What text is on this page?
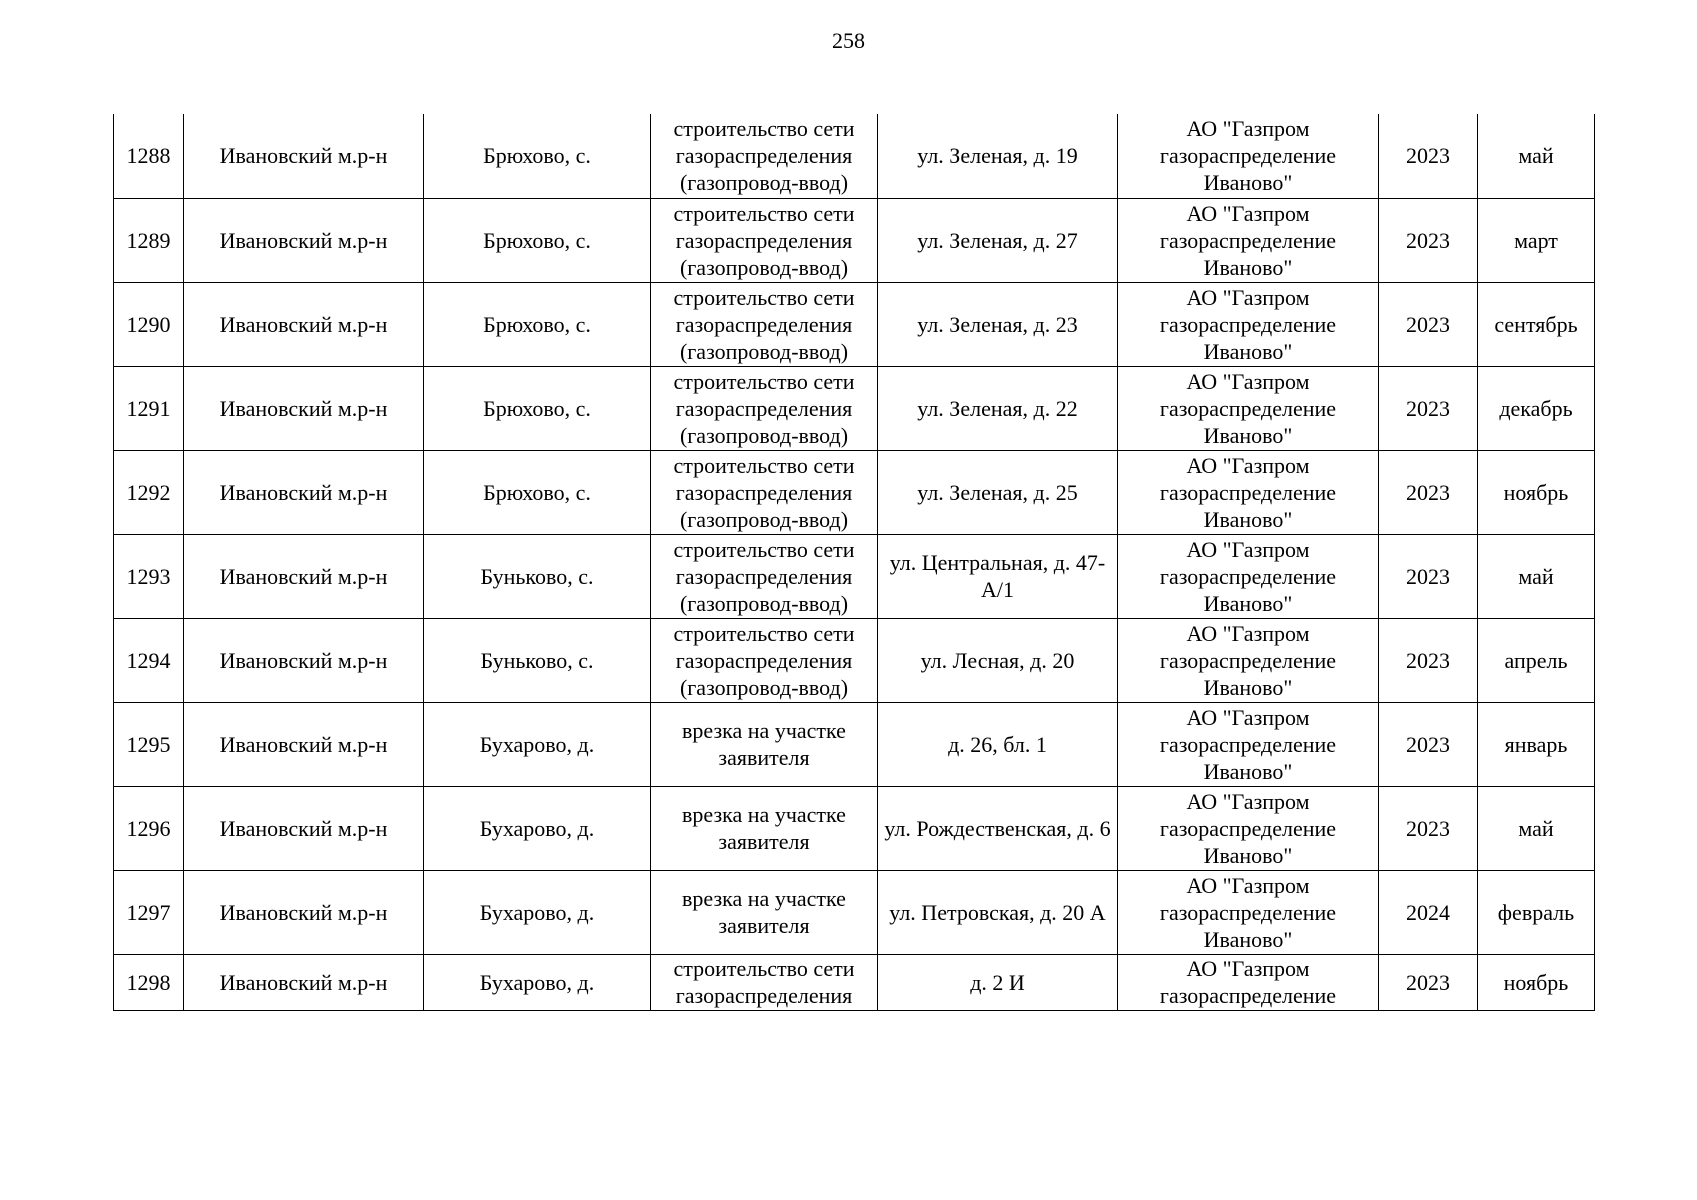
258
1288	Ивановский м.р-н	Брюхово, с.	строительство сети газораспределения (газопровод-ввод)	ул. Зеленая, д. 19	АО "Газпром газораспределение Иваново"	2023	май
1289	Ивановский м.р-н	Брюхово, с.	строительство сети газораспределения (газопровод-ввод)	ул. Зеленая, д. 27	АО "Газпром газораспределение Иваново"	2023	март
1290	Ивановский м.р-н	Брюхово, с.	строительство сети газораспределения (газопровод-ввод)	ул. Зеленая, д. 23	АО "Газпром газораспределение Иваново"	2023	сентябрь
1291	Ивановский м.р-н	Брюхово, с.	строительство сети газораспределения (газопровод-ввод)	ул. Зеленая, д. 22	АО "Газпром газораспределение Иваново"	2023	декабрь
1292	Ивановский м.р-н	Брюхово, с.	строительство сети газораспределения (газопровод-ввод)	ул. Зеленая, д. 25	АО "Газпром газораспределение Иваново"	2023	ноябрь
1293	Ивановский м.р-н	Буньково, с.	строительство сети газораспределения (газопровод-ввод)	ул. Центральная, д. 47-А/1	АО "Газпром газораспределение Иваново"	2023	май
1294	Ивановский м.р-н	Буньково, с.	строительство сети газораспределения (газопровод-ввод)	ул. Лесная, д. 20	АО "Газпром газораспределение Иваново"	2023	апрель
1295	Ивановский м.р-н	Бухарово, д.	врезка на участке заявителя	д. 26, бл. 1	АО "Газпром газораспределение Иваново"	2023	январь
1296	Ивановский м.р-н	Бухарово, д.	врезка на участке заявителя	ул. Рождественская, д. 6	АО "Газпром газораспределение Иваново"	2023	май
1297	Ивановский м.р-н	Бухарово, д.	врезка на участке заявителя	ул. Петровская, д. 20 А	АО "Газпром газораспределение Иваново"	2024	февраль
1298	Ивановский м.р-н	Бухарово, д.	строительство сети газораспределения	д. 2 И	АО "Газпром газораспределение	2023	ноябрь
